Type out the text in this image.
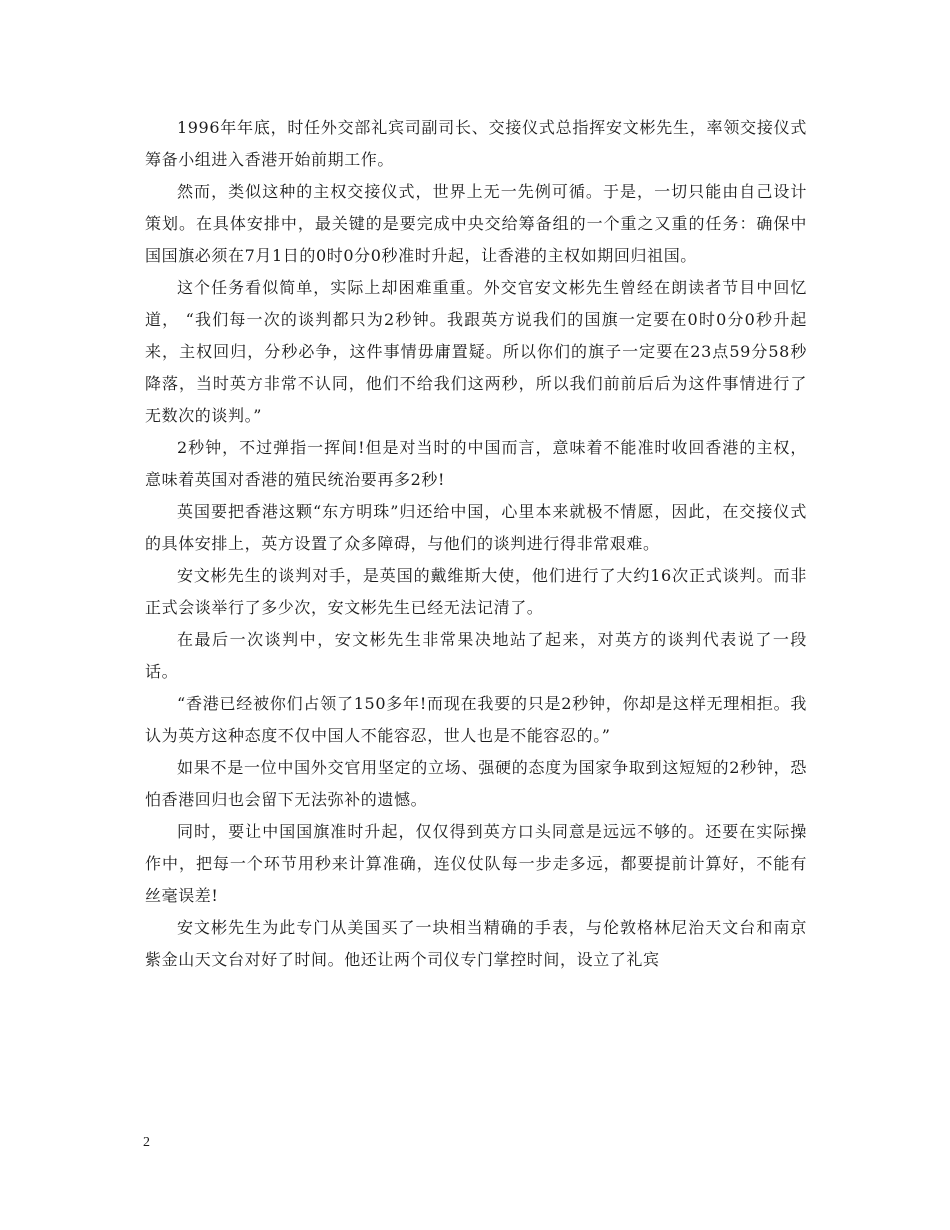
1996年年底，时任外交部礼宾司副司长、交接仪式总指挥安文彬先生，率领交接仪式筹备小组进入香港开始前期工作。

然而，类似这种的主权交接仪式，世界上无一先例可循。于是，一切只能由自己设计策划。在具体安排中，最关键的是要完成中央交给筹备组的一个重之又重的任务：确保中国国旗必须在7月1日的0时0分0秒准时升起，让香港的主权如期回归祖国。

这个任务看似简单，实际上却困难重重。外交官安文彬先生曾经在朗读者节目中回忆道， “我们每一次的谈判都只为2秒钟。我跟英方说我们的国旗一定要在0时0分0秒升起来，主权回归，分秒必争，这件事情毋庸置疑。所以你们的旗子一定要在23点59分58秒降落，当时英方非常不认同，他们不给我们这两秒，所以我们前前后后为这件事情进行了无数次的谈判。”

2秒钟，不过弹指一挥间!但是对当时的中国而言，意味着不能准时收回香港的主权，意味着英国对香港的殖民统治要再多2秒!

英国要把香港这颗“东方明珠”归还给中国，心里本来就极不情愿，因此，在交接仪式的具体安排上，英方设置了众多障碍，与他们的谈判进行得非常艰难。

安文彬先生的谈判对手，是英国的戴维斯大使，他们进行了大约16次正式谈判。而非正式会谈举行了多少次，安文彬先生已经无法记清了。

在最后一次谈判中，安文彬先生非常果决地站了起来，对英方的谈判代表说了一段话。

“香港已经被你们占领了150多年!而现在我要的只是2秒钟，你却是这样无理相拒。我认为英方这种态度不仅中国人不能容忍，世人也是不能容忍的。”

如果不是一位中国外交官用坚定的立场、强硬的态度为国家争取到这短短的2秒钟，恐怕香港回归也会留下无法弥补的遗憾。

同时，要让中国国旗准时升起，仅仅得到英方口头同意是远远不够的。还要在实际操作中，把每一个环节用秒来计算准确，连仪仗队每一步走多远，都要提前计算好，不能有丝毫误差!

安文彬先生为此专门从美国买了一块相当精确的手表，与伦敦格林尼治天文台和南京紫金山天文台对好了时间。他还让两个司仪专门掌控时间，设立了礼宾

2
